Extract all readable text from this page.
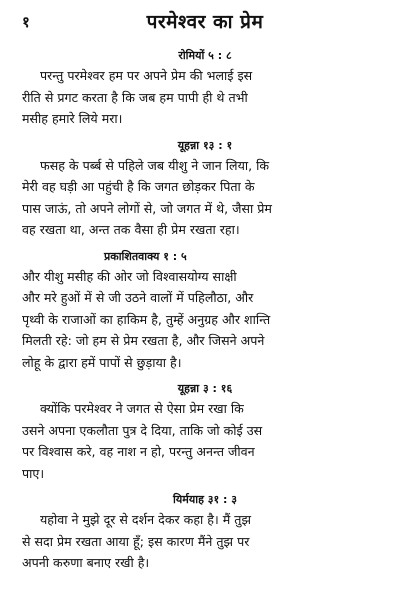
१	परमेश्वर का प्रेम
रोमियों ५ : ८

परन्तु परमेश्वर हम पर अपने प्रेम की भलाई इस
रीति से प्रगट करता है कि जब हम पापी ही थे तभी
मसीह हमारे लिये मरा।

यूहन्ना १३ : १

फसह के पर्ब्ब से पहिले जब यीशु ने जान लिया, कि
मेरी वह घड़ी आ पहुंची है कि जगत छोड़कर पिता के
पास जाऊं, तो अपने लोगों से, जो जगत में थे, जैसा प्रेम
वह रखता था, अन्त तक वैसा ही प्रेम रखता रहा।

प्रकाशितवाक्य १ : ५

और यीशु मसीह की ओर जो विश्वासयोग्य साक्षी
और मरे हुओं में से जी उठने वालों में पहिलौठा, और
पृथ्वी के राजाओं का हाकिम है, तुम्हें अनुग्रह और शान्ति
मिलती रहे: जो हम से प्रेम रखता है, और जिसने अपने
लोहू के द्वारा हमें पापों से छुड़ाया है।

यूहन्ना ३ : १६

क्योंकि परमेश्वर ने जगत से ऐसा प्रेम रखा कि
उसने अपना एकलौता पुत्र दे दिया, ताकि जो कोई उस
पर विश्वास करे, वह नाश न हो, परन्तु अनन्त जीवन
पाए।

यिर्मयाह ३१ : ३

यहोवा ने मुझे दूर से दर्शन देकर कहा है। मैं तुझ
से सदा प्रेम रखता आया हूँ; इस कारण मैंने तुझ पर
अपनी करुणा बनाए रखी है।
